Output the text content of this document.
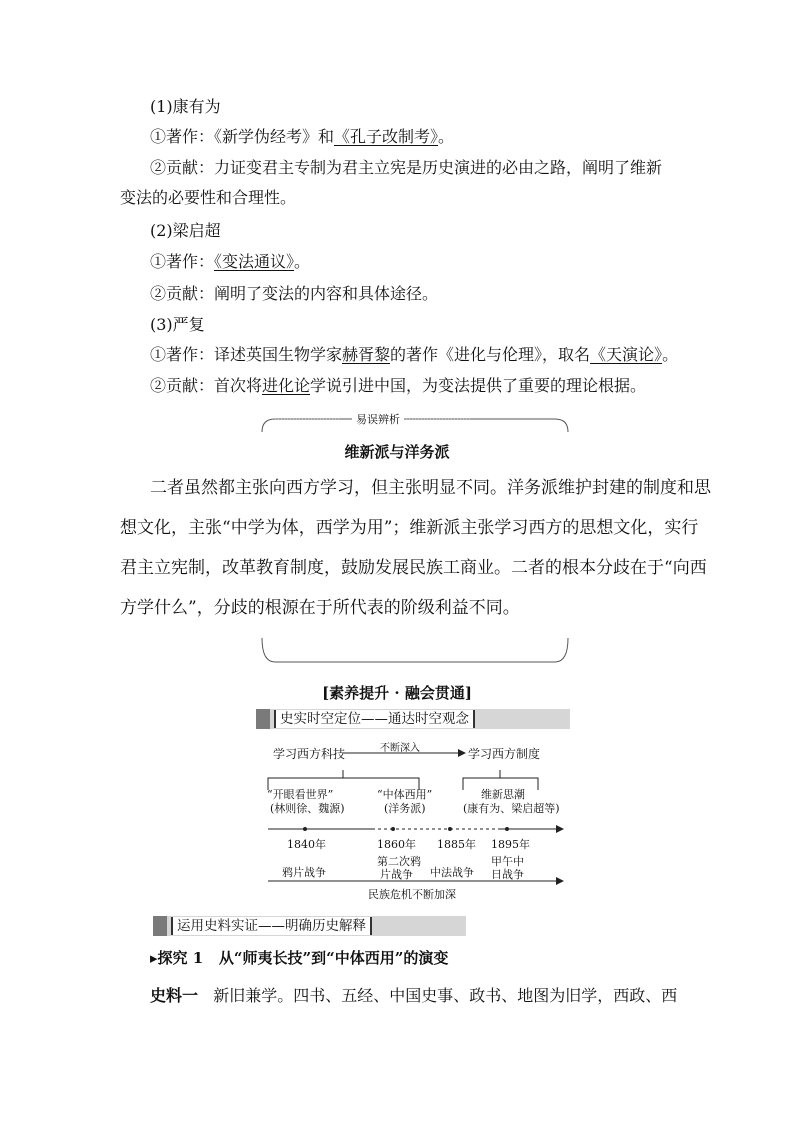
(1)康有为
①著作：《新学伪经考》和《孔子改制考》。
②贡献：力证变君主专制为君主立宪是历史演进的必由之路，阐明了维新
变法的必要性和合理性。
(2)梁启超
①著作：《变法通议》。
②贡献：阐明了变法的内容和具体途径。
(3)严复
①著作：译述英国生物学家赫胥黎的著作《进化与伦理》，取名《天演论》。
②贡献：首次将进化论学说引进中国，为变法提供了重要的理论根据。
易误辨析
维新派与洋务派
二者虽然都主张向西方学习，但主张明显不同。洋务派维护封建的制度和思
想文化，主张“中学为体，西学为用”；维新派主张学习西方的思想文化，实行
君主立宪制，改革教育制度，鼓励发展民族工商业。二者的根本分歧在于“向西
方学什么”，分歧的根源在于所代表的阶级利益不同。
[素养提升 · 融会贯通]
史实时空定位——通达时空观念
学习西方科技	不断深入	学习西方制度
“开眼看世界”
(林则徐、魏源)
“中体西用”
(洋务派)
维新思潮
(康有为、梁启超等)
1840年	1860年 1885年 1895年
鸦片战争
第二次鸦
片战争 中法战争
甲午中
日战争
民族危机不断加深
运用史料实证——明确历史解释
▸探究 1 从“师夷长技”到“中体西用”的演变
史料一 新旧兼学。四书、五经、中国史事、政书、地图为旧学，西政、西
